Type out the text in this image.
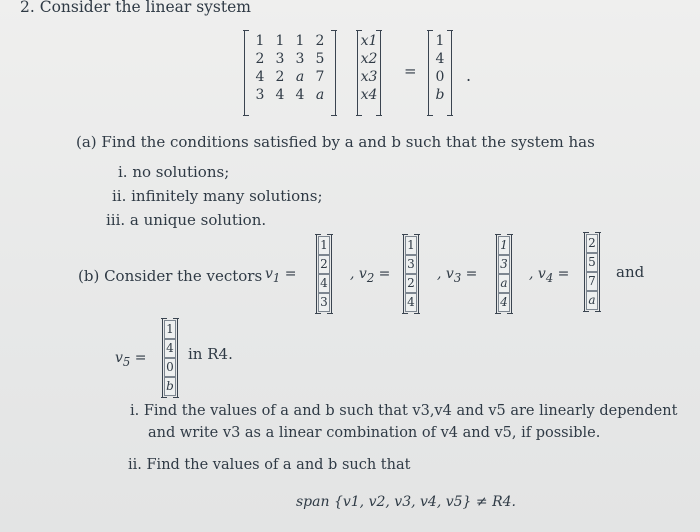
2. Consider the linear system
1 1 1 2
2 3 3 5
4 2 a 7
3 4 4 a
x1
x2
x3
x4
=
1
4
0
b
.
(a) Find the conditions satisfied by a and b such that the system has
i. no solutions;
ii. infinitely many solutions;
iii. a unique solution.
(b) Consider the vectors $v_1$ =
1
2
4
3
, $v_2$ =
1
3
2
4
, $v_3$ =
1
3
a
4
, $v_4$ =
2
5
7
a
and
$v_5$ =
1
4
0
b
in R4.
i. Find the values of a and b such that v3,v4 and v5 are linearly dependent
and write v3 as a linear combination of v4 and v5, if possible.
ii. Find the values of a and b such that
span {v1, v2, v3, v4, v5} ≠ R4.
